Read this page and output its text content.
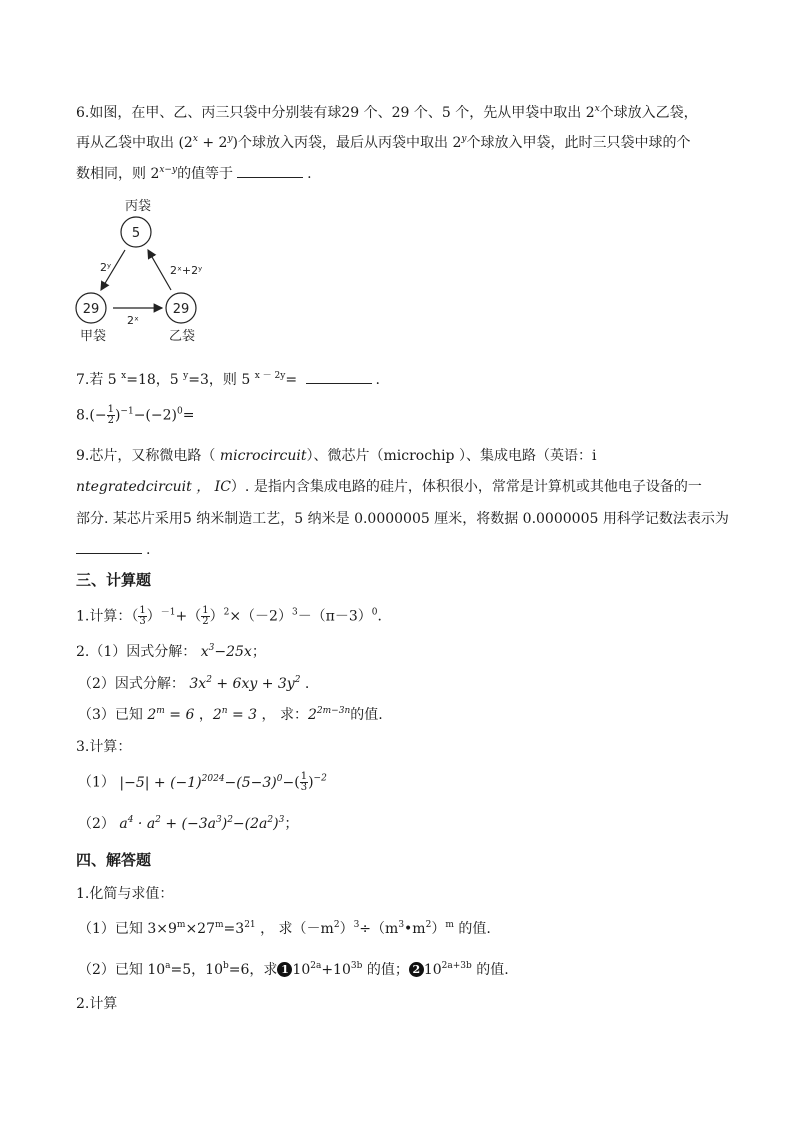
6.如图，在甲、乙、丙三只袋中分别装有球29 个、29 个、5 个，先从甲袋中取出 2$^x$个球放入乙袋，
再从乙袋中取出 $(2^x + 2^y)$个球放入丙袋，最后从丙袋中取出 2$^y$个球放入甲袋，此时三只袋中球的个
数相同，则 $2^{x-y}$的值等于	.
丙袋
5
29
甲袋
29
乙袋
2ʸ	2ˣ+2ʸ
2ˣ
7.若 5 $^x$=18，5 $^y$=3，则 5 $^{x - 2y}$=	.
$8.(- \frac{1}{2} )^{-1}-(-2)^0=$
9.芯片，又称微电路（ microcircuit）、微芯片（microchip ）、集成电路（英语：i
ntegratedcircuit ， IC）. 是指内含集成电路的硅片，体积很小，常常是计算机或其他电子设备的一
部分. 某芯片采用5 纳米制造工艺，5 纳米是 0.0000005 厘米，将数据 0.0000005 用科学记数法表示为
.
三、计算题
1.计算：（ $\frac{1}{3} )^{-1}+( \frac{1}{2} )^2\times(-2)^3-(\pi-3)^0$．
2.（1）因式分解： $x^3-25x$；
（2）因式分解： $3x^2 + 6xy + 3y^2$ .
（3）已知 $2^m = 6$ ，$2^n = 3$ ， 求：$2^{2m-3n}$的值.
3.计算：
（1） $|-5| + (-1)^{2024}-(5-3)^0-( \frac{1}{3} )^{-2}$
（2） $a^4 \cdot a^2 + (-3a^3)^2-(2a^2)^3$；
四、解答题
1.化简与求值：
（1）已知 $3\times 9^m\times 27^m=3^{21}$ ， 求$(-m^2)^3\div(m^3•m^2)^m$ 的值.
（2）已知 $10^a=5$，$10^b=6$，求 1 $10^{2a}+10^{3b}$ 的值； 2 $10^{2a+3b}$ 的值.
2.计算
